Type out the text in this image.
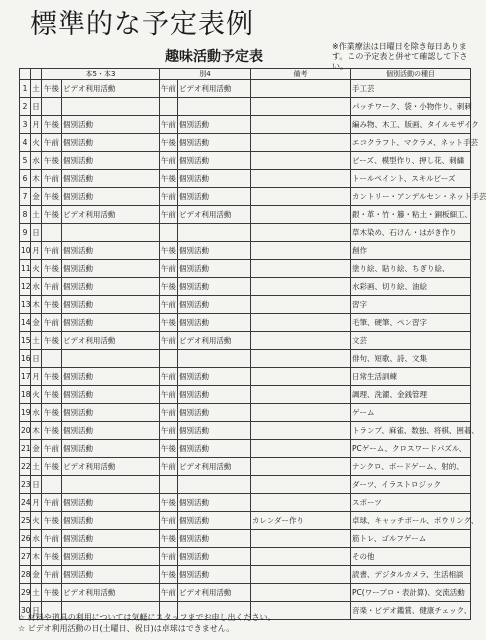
標準的な予定表例
趣味活動予定表
※作業療法は日曜日を除き毎日あります。この予定表と併せて確認して下さい。
		本5・本3		別4		備考	個別活動の種目
1	土	午後	ビデオ利用活動	午前	ビデオ利用活動		手工芸
2	日						パッチワーク、袋・小物作り、刺刺
3	月	午後	個別活動	午前	個別活動		編み物、木工、版画、タイルモザイク
4	火	午前	個別活動	午後	個別活動		エコクラフト、マクラメ、ネット手芸
5	水	午後	個別活動	午前	個別活動		ビーズ、模型作り、押し花、刺繍
6	木	午前	個別活動	午後	個別活動		トールペイント、スキルビーズ
7	金	午後	個別活動	午前	個別活動		カントリー・アンデルセン・ネット手芸
8	土	午後	ビデオ利用活動	午前	ビデオ利用活動		銀・革・竹・籐・粘土・銅板細工、
9	日						草木染め、石けん・はがき作り
10	月	午前	個別活動	午後	個別活動		創作
11	火	午後	個別活動	午前	個別活動		塗り絵、貼り絵、ちぎり絵、
12	水	午前	個別活動	午後	個別活動		水彩画、切り絵、油絵
13	木	午後	個別活動	午前	個別活動		習字
14	金	午前	個別活動	午後	個別活動		毛筆、硬筆、ペン習字
15	土	午後	ビデオ利用活動	午前	ビデオ利用活動		文芸
16	日						俳句、短歌、詩、文集
17	月	午後	個別活動	午前	個別活動		日常生活訓練
18	火	午後	個別活動	午前	個別活動		調理、洗濯、金銭管理
19	水	午後	個別活動	午前	個別活動		ゲーム
20	木	午後	個別活動	午前	個別活動		トランプ、麻雀、数独、将棋、囲碁、
21	金	午前	個別活動	午後	個別活動		PCゲーム、クロスワードパズル、
22	土	午後	ビデオ利用活動	午前	ビデオ利用活動		ナンクロ、ボードゲーム、射的、
23	日						ダーツ、イラストロジック
24	月	午前	個別活動	午後	個別活動		スポーツ
25	火	午後	個別活動	午前	個別活動	カレンダー作り	卓球、キャッチボール、ボウリング、
26	水	午前	個別活動	午後	個別活動		筋トレ、ゴルフゲーム
27	木	午後	個別活動	午前	個別活動		その他
28	金	午前	個別活動	午後	個別活動		読書、デジタルカメラ、生活相談
29	土	午後	ビデオ利用活動	午前	ビデオ利用活動		PC(ワープロ・表計算)、交流活動
30	日						音楽・ビデオ鑑賞、健康チェック、
☆ 材料や道具の利用については気軽にスタッフまでお申し出ください。
☆ ビデオ利用活動の日(土曜日、祝日)は卓球はできません。
